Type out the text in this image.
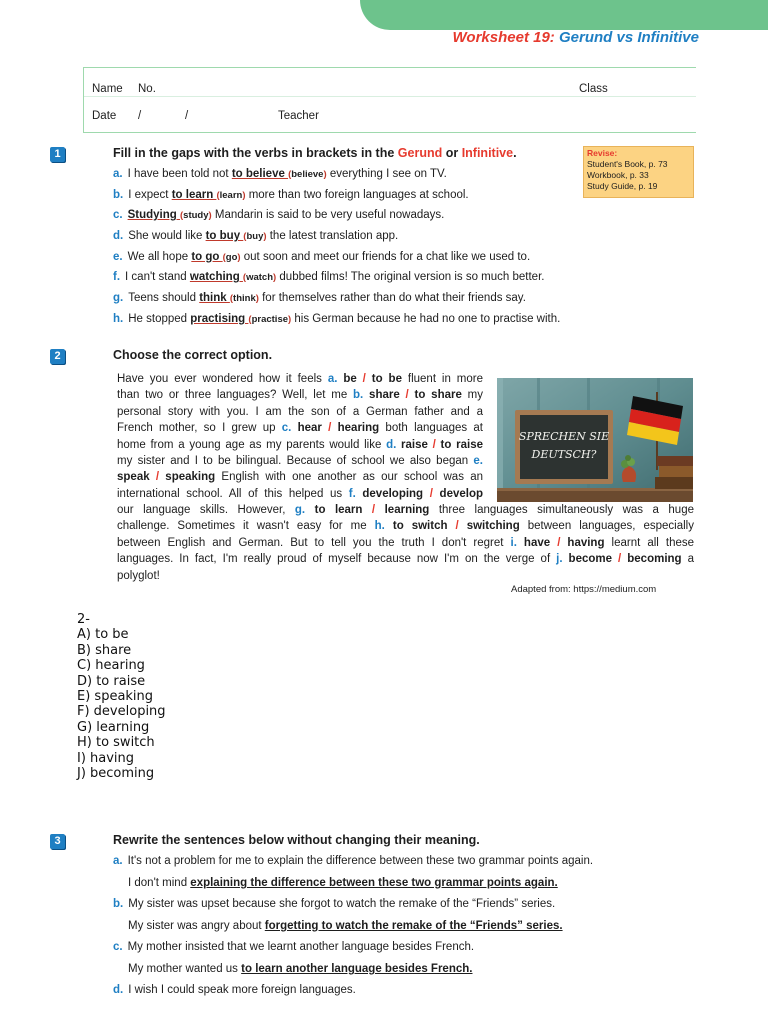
Worksheet 19: Gerund vs Infinitive
Name No.	Class
Date /	/	Teacher
1	Fill in the gaps with the verbs in brackets in the Gerund or Infinitive.	Revise:
Student's Book, p. 73
Workbook, p. 33
Study Guide, p. 19
a. I have been told not to believe (believe) everything I see on TV.
b. I expect to learn (learn) more than two foreign languages at school.
c. Studying (study) Mandarin is said to be very useful nowadays.
d. She would like to buy (buy) the latest translation app.
e. We all hope to go (go) out soon and meet our friends for a chat like we used to.
f. I can't stand watching (watch) dubbed films! The original version is so much better.
g. Teens should think (think) for themselves rather than do what their friends say.
h. He stopped practising (practise) his German because he had no one to practise with.
2	Choose the correct option.
SPRECHEN SIE
DEUTSCH?
Have you ever wondered how it feels a. be / to be fluent in more
than two or three languages? Well, let me b. share / to share my
personal story with you. I am the son of a German father and a
French mother, so I grew up c. hear / hearing both languages at
home from a young age as my parents would like d. raise / to raise
my sister and I to be bilingual. Because of school we also began e.
speak / speaking English with one another as our school was an
international school. All of this helped us f. developing / develop
our language skills. However, g. to learn / learning three languages simultaneously was a huge
challenge. Sometimes it wasn't easy for me h. to switch / switching between languages, especially
between English and German. But to tell you the truth I don't regret i. have / having learnt all these
languages. In fact, I'm really proud of myself because now I'm on the verge of j. become / becoming a
polyglot!
Adapted from: https://medium.com
2-
A) to be
B) share
C) hearing
D) to raise
E) speaking
F) developing
G) learning
H) to switch
I) having
J) becoming
3	Rewrite the sentences below without changing their meaning.
a. It's not a problem for me to explain the difference between these two grammar points again.
I don't mind explaining the difference between these two grammar points again.
b. My sister was upset because she forgot to watch the remake of the “Friends” series.
My sister was angry about forgetting to watch the remake of the “Friends” series.
c. My mother insisted that we learnt another language besides French.
My mother wanted us to learn another language besides French.
d. I wish I could speak more foreign languages.
